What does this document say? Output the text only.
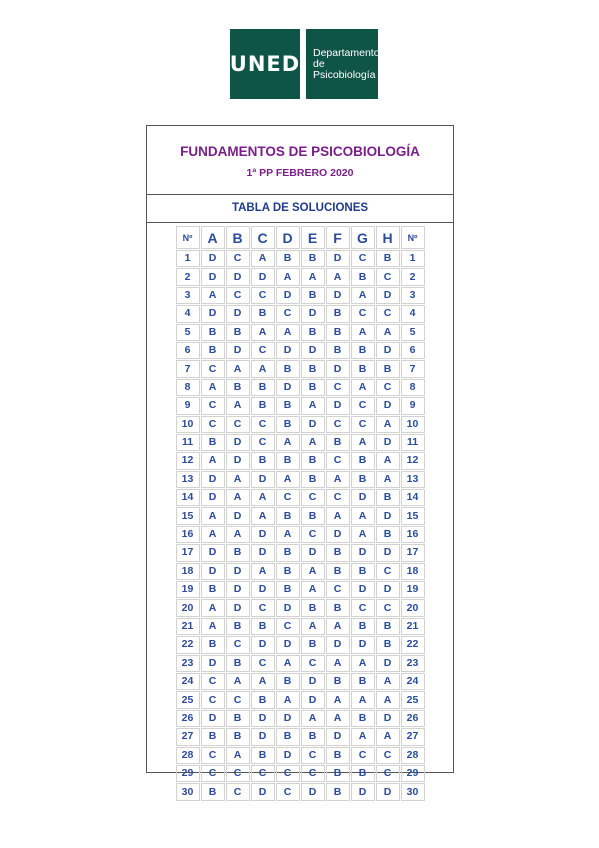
UNED Departamento
de
Psicobiología
FUNDAMENTOS DE PSICOBIOLOGÍA
1ª PP FEBRERO 2020
TABLA DE SOLUCIONES
Nº	A	B	C	D	E	F	G	H	Nº
1	D	C	A	B	B	D	C	B	1
2	D	D	D	A	A	A	B	C	2
3	A	C	C	D	B	D	A	D	3
4	D	D	B	C	D	B	C	C	4
5	B	B	A	A	B	B	A	A	5
6	B	D	C	D	D	B	B	D	6
7	C	A	A	B	B	D	B	B	7
8	A	B	B	D	B	C	A	C	8
9	C	A	B	B	A	D	C	D	9
10	C	C	C	B	D	C	C	A	10
11	B	D	C	A	A	B	A	D	11
12	A	D	B	B	B	C	B	A	12
13	D	A	D	A	B	A	B	A	13
14	D	A	A	C	C	C	D	B	14
15	A	D	A	B	B	A	A	D	15
16	A	A	D	A	C	D	A	B	16
17	D	B	D	B	D	B	D	D	17
18	D	D	A	B	A	B	B	C	18
19	B	D	D	B	A	C	D	D	19
20	A	D	C	D	B	B	C	C	20
21	A	B	B	C	A	A	B	B	21
22	B	C	D	D	B	D	D	B	22
23	D	B	C	A	C	A	A	D	23
24	C	A	A	B	D	B	B	A	24
25	C	C	B	A	D	A	A	A	25
26	D	B	D	D	A	A	B	D	26
27	B	B	D	B	B	D	A	A	27
28	C	A	B	D	C	B	C	C	28
29	C	C	C	C	C	B	B	C	29
30	B	C	D	C	D	B	D	D	30
